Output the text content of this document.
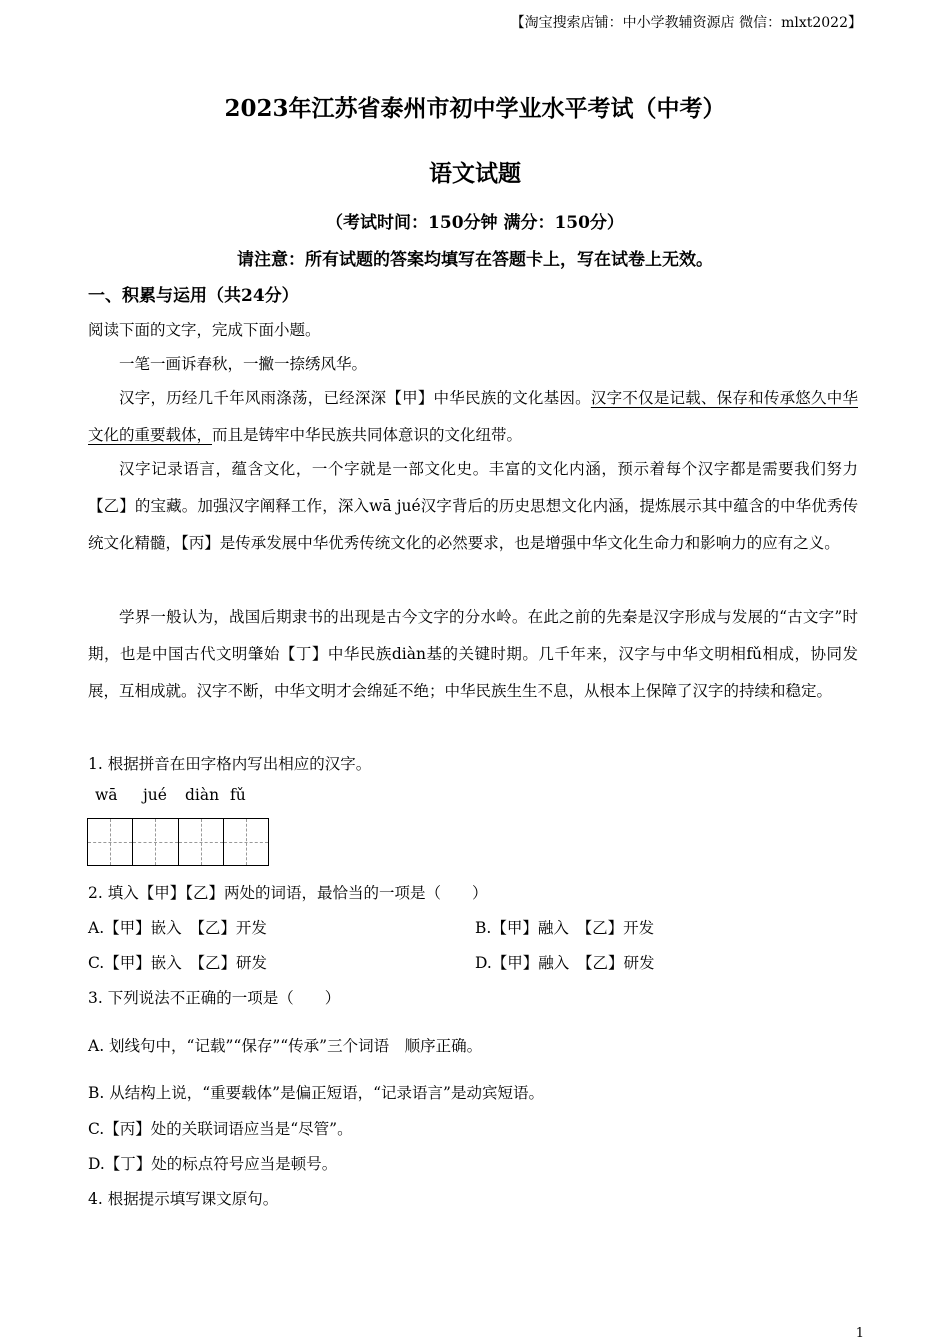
【淘宝搜索店铺：中小学教辅资源店 微信：mlxt2022】
2023年江苏省泰州市初中学业水平考试（中考）
语文试题
（考试时间：150分钟 满分：150分）
请注意：所有试题的答案均填写在答题卡上，写在试卷上无效。
一、积累与运用（共24分）
阅读下面的文字，完成下面小题。
一笔一画诉春秋，一撇一捺绣风华。
汉字，历经几千年风雨涤荡，已经深深【甲】中华民族的文化基因。汉字不仅是记载、保存和传承悠久中华文化的重要载体，而且是铸牢中华民族共同体意识的文化纽带。
汉字记录语言，蕴含文化，一个字就是一部文化史。丰富的文化内涵，预示着每个汉字都是需要我们努力【乙】的宝藏。加强汉字阐释工作，深入wā jué汉字背后的历史思想文化内涵，提炼展示其中蕴含的中华优秀传统文化精髓，【丙】是传承发展中华优秀传统文化的必然要求，也是增强中华文化生命力和影响力的应有之义。
学界一般认为，战国后期隶书的出现是古今文字的分水岭。在此之前的先秦是汉字形成与发展的“古文字”时期，也是中国古代文明肇始【丁】中华民族diàn基的关键时期。几千年来，汉字与中华文明相fǔ相成，协同发展，互相成就。汉字不断，中华文明才会绵延不绝；中华民族生生不息，从根本上保障了汉字的持续和稳定。
1. 根据拼音在田字格内写出相应的汉字。
wā jué diàn fǔ
2. 填入【甲】【乙】两处的词语，最恰当的一项是（　　）
A.【甲】嵌入　【乙】开发	B.【甲】融入　【乙】开发
C.【甲】嵌入　【乙】研发	D.【甲】融入　【乙】研发
3. 下列说法不正确的一项是（　　）
A. 划线句中，“记载”“保存”“传承”三个词语　顺序正确。
B. 从结构上说，“重要载体”是偏正短语，“记录语言”是动宾短语。
C.【丙】处的关联词语应当是“尽管”。
D.【丁】处的标点符号应当是顿号。
4. 根据提示填写课文原句。
1
